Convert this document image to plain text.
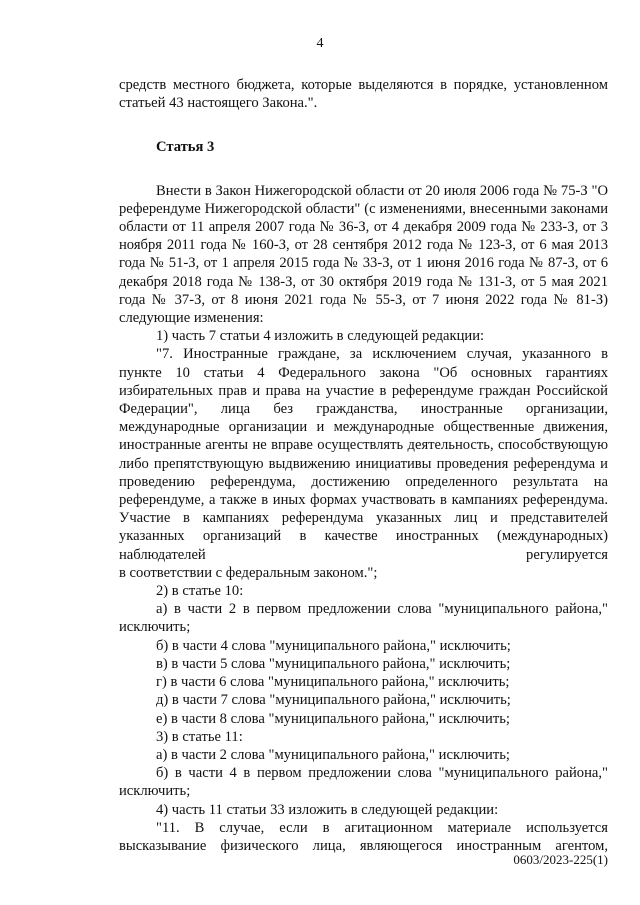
4

средств местного бюджета, которые выделяются в порядке, установленном статьей 43 настоящего Закона.".

Статья 3

Внести в Закон Нижегородской области от 20 июля 2006 года № 75-З "О референдуме Нижегородской области" (с изменениями, внесенными законами области от 11 апреля 2007 года № 36-З, от 4 декабря 2009 года № 233-З, от 3 ноября 2011 года № 160-З, от 28 сентября 2012 года № 123-З, от 6 мая 2013 года № 51-З, от 1 апреля 2015 года № 33-З, от 1 июня 2016 года № 87-З, от 6 декабря 2018 года № 138-З, от 30 октября 2019 года № 131-З, от 5 мая 2021 года № 37-З, от 8 июня 2021 года № 55-З, от 7 июня 2022 года № 81-З) следующие изменения:

1) часть 7 статьи 4 изложить в следующей редакции:

"7. Иностранные граждане, за исключением случая, указанного в пункте 10 статьи 4 Федерального закона "Об основных гарантиях избирательных прав и права на участие в референдуме граждан Российской Федерации", лица без гражданства, иностранные организации, международные организации и международные общественные движения, иностранные агенты не вправе осуществлять деятельность, способствующую либо препятствующую выдвижению инициативы проведения референдума и проведению референдума, достижению определенного результата на референдуме, а также в иных формах участвовать в кампаниях референдума. Участие в кампаниях референдума указанных лиц и представителей указанных организаций в качестве иностранных (международных) наблюдателей регулируется

в соответствии с федеральным законом.";

2) в статье 10:

а) в части 2 в первом предложении слова "муниципального района," исключить;

б) в части 4 слова "муниципального района," исключить;

в) в части 5 слова "муниципального района," исключить;

г) в части 6 слова "муниципального района," исключить;

д) в части 7 слова "муниципального района," исключить;

е) в части 8 слова "муниципального района," исключить;

3) в статье 11:

а) в части 2 слова "муниципального района," исключить;

б) в части 4 в первом предложении слова "муниципального района," исключить;

4) часть 11 статьи 33 изложить в следующей редакции:

"11. В случае, если в агитационном материале используется высказывание физического лица, являющегося иностранным агентом,

0603/2023-225(1)
